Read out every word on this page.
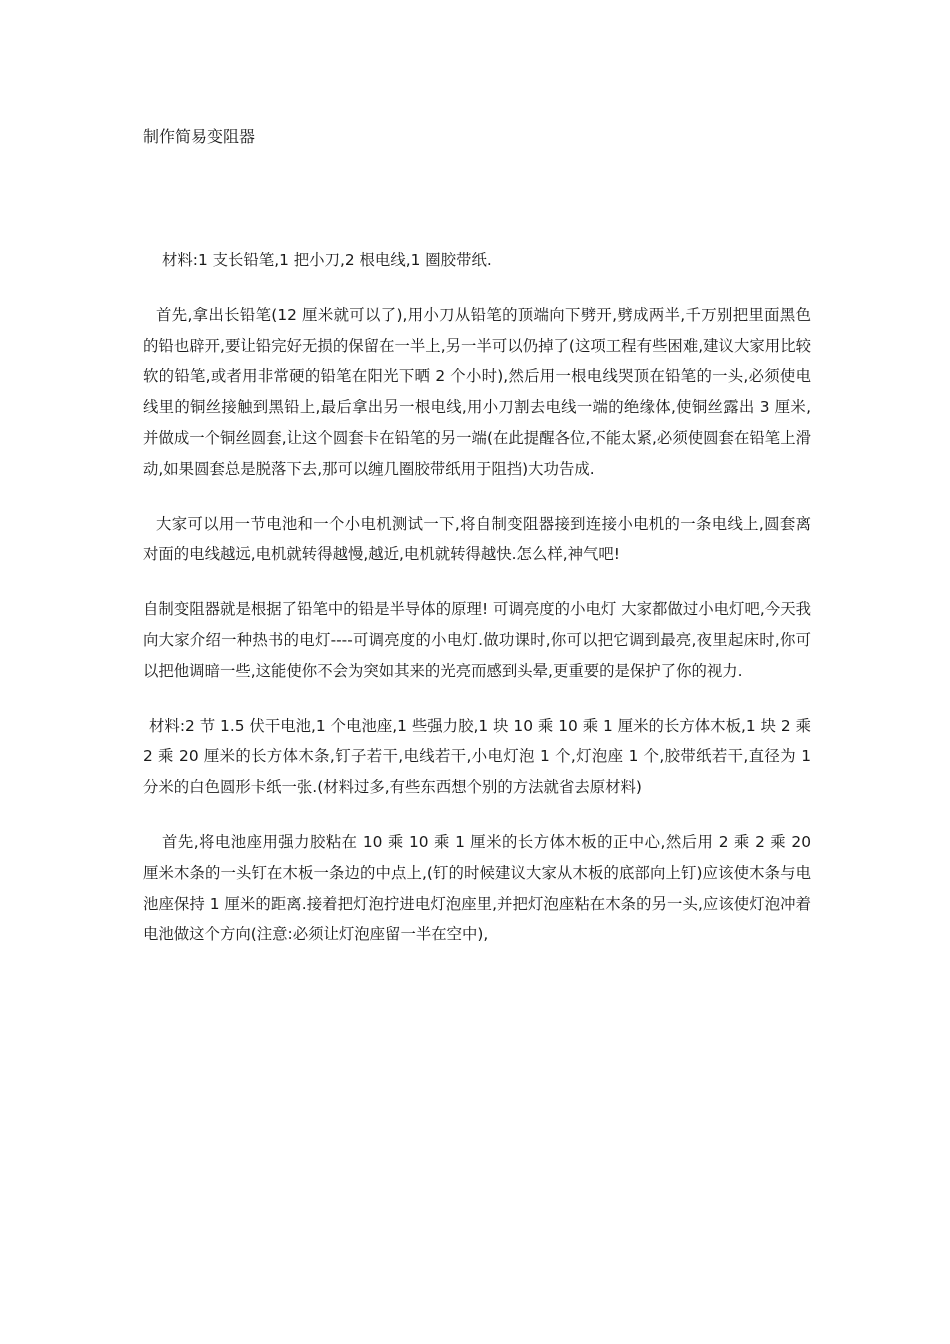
制作简易变阻器

材料:1 支长铅笔,1 把小刀,2 根电线,1 圈胶带纸.

首先,拿出长铅笔(12 厘米就可以了),用小刀从铅笔的顶端向下劈开,劈成两半,千万别把里面黑色的铅也辟开,要让铅完好无损的保留在一半上,另一半可以仍掉了(这项工程有些困难,建议大家用比较软的铅笔,或者用非常硬的铅笔在阳光下晒 2 个小时),然后用一根电线哭顶在铅笔的一头,必须使电线里的铜丝接触到黑铅上,最后拿出另一根电线,用小刀割去电线一端的绝缘体,使铜丝露出 3 厘米,并做成一个铜丝圆套,让这个圆套卡在铅笔的另一端(在此提醒各位,不能太紧,必须使圆套在铅笔上滑动,如果圆套总是脱落下去,那可以缠几圈胶带纸用于阻挡)大功告成.

大家可以用一节电池和一个小电机测试一下,将自制变阻器接到连接小电机的一条电线上,圆套离对面的电线越远,电机就转得越慢,越近,电机就转得越快.怎么样,神气吧!

自制变阻器就是根据了铅笔中的铅是半导体的原理! 可调亮度的小电灯 大家都做过小电灯吧,今天我向大家介绍一种热书的电灯----可调亮度的小电灯.做功课时,你可以把它调到最亮,夜里起床时,你可以把他调暗一些,这能使你不会为突如其来的光亮而感到头晕,更重要的是保护了你的视力.

材料:2 节 1.5 伏干电池,1 个电池座,1 些强力胶,1 块 10 乘 10 乘 1 厘米的长方体木板,1 块 2 乘 2 乘 20 厘米的长方体木条,钉子若干,电线若干,小电灯泡 1 个,灯泡座 1 个,胶带纸若干,直径为 1 分米的白色圆形卡纸一张.(材料过多,有些东西想个别的方法就省去原材料)

首先,将电池座用强力胶粘在 10 乘 10 乘 1 厘米的长方体木板的正中心,然后用 2 乘 2 乘 20 厘米木条的一头钉在木板一条边的中点上,(钉的时候建议大家从木板的底部向上钉)应该使木条与电池座保持 1 厘米的距离.接着把灯泡拧进电灯泡座里,并把灯泡座粘在木条的另一头,应该使灯泡冲着电池做这个方向(注意:必须让灯泡座留一半在空中),
